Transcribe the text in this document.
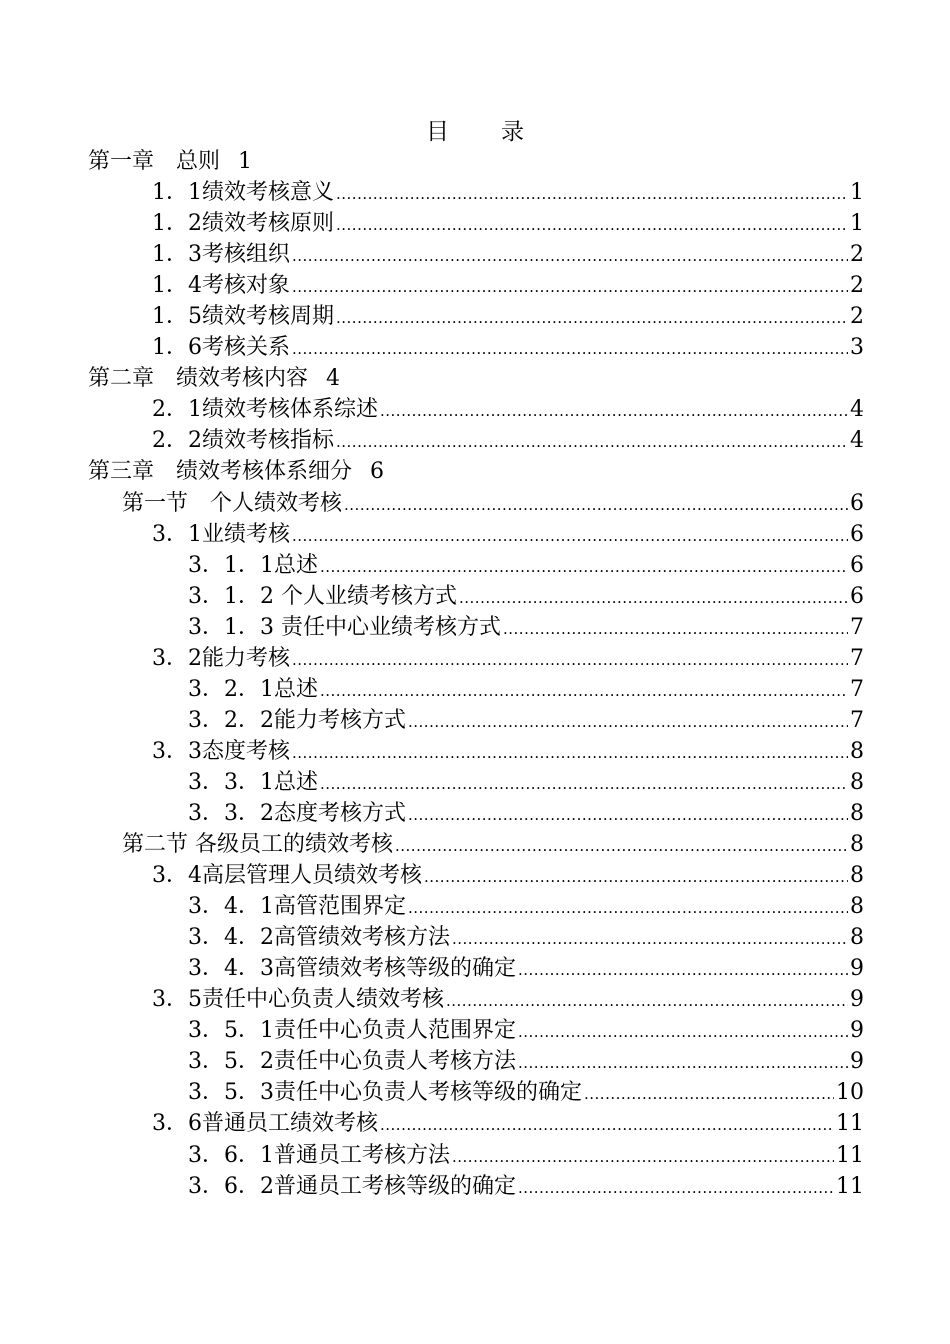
目 录
第一章　总则 1
1．1绩效考核意义 .....	1
1．2绩效考核原则 .....	1
1．3考核组织 .....	2
1．4考核对象 .....	2
1．5绩效考核周期 .....	2
1．6考核关系 .....	3
第二章　绩效考核内容 4
2．1绩效考核体系综述 .....	4
2．2绩效考核指标 .....	4
第三章　绩效考核体系细分 6
第一节　个人绩效考核 .....	6
3．1业绩考核 .....	6
3．1．1总述 .....	6
3．1．2 个人业绩考核方式 .....	6
3．1．3 责任中心业绩考核方式 .....	7
3．2能力考核 .....	7
3．2．1总述 .....	7
3．2．2能力考核方式 .....	7
3．3态度考核 .....	8
3．3．1总述 .....	8
3．3．2态度考核方式 .....	8
第二节 各级员工的绩效考核 .....	8
3．4高层管理人员绩效考核 .....	8
3．4．1高管范围界定 .....	8
3．4．2高管绩效考核方法 .....	8
3．4．3高管绩效考核等级的确定 .....	9
3．5责任中心负责人绩效考核 .....	9
3．5．1责任中心负责人范围界定 .....	9
3．5．2责任中心负责人考核方法 .....	9
3．5．3责任中心负责人考核等级的确定 .....	10
3．6普通员工绩效考核 .....	11
3．6．1普通员工考核方法 .....	11
3．6．2普通员工考核等级的确定 .....	11
